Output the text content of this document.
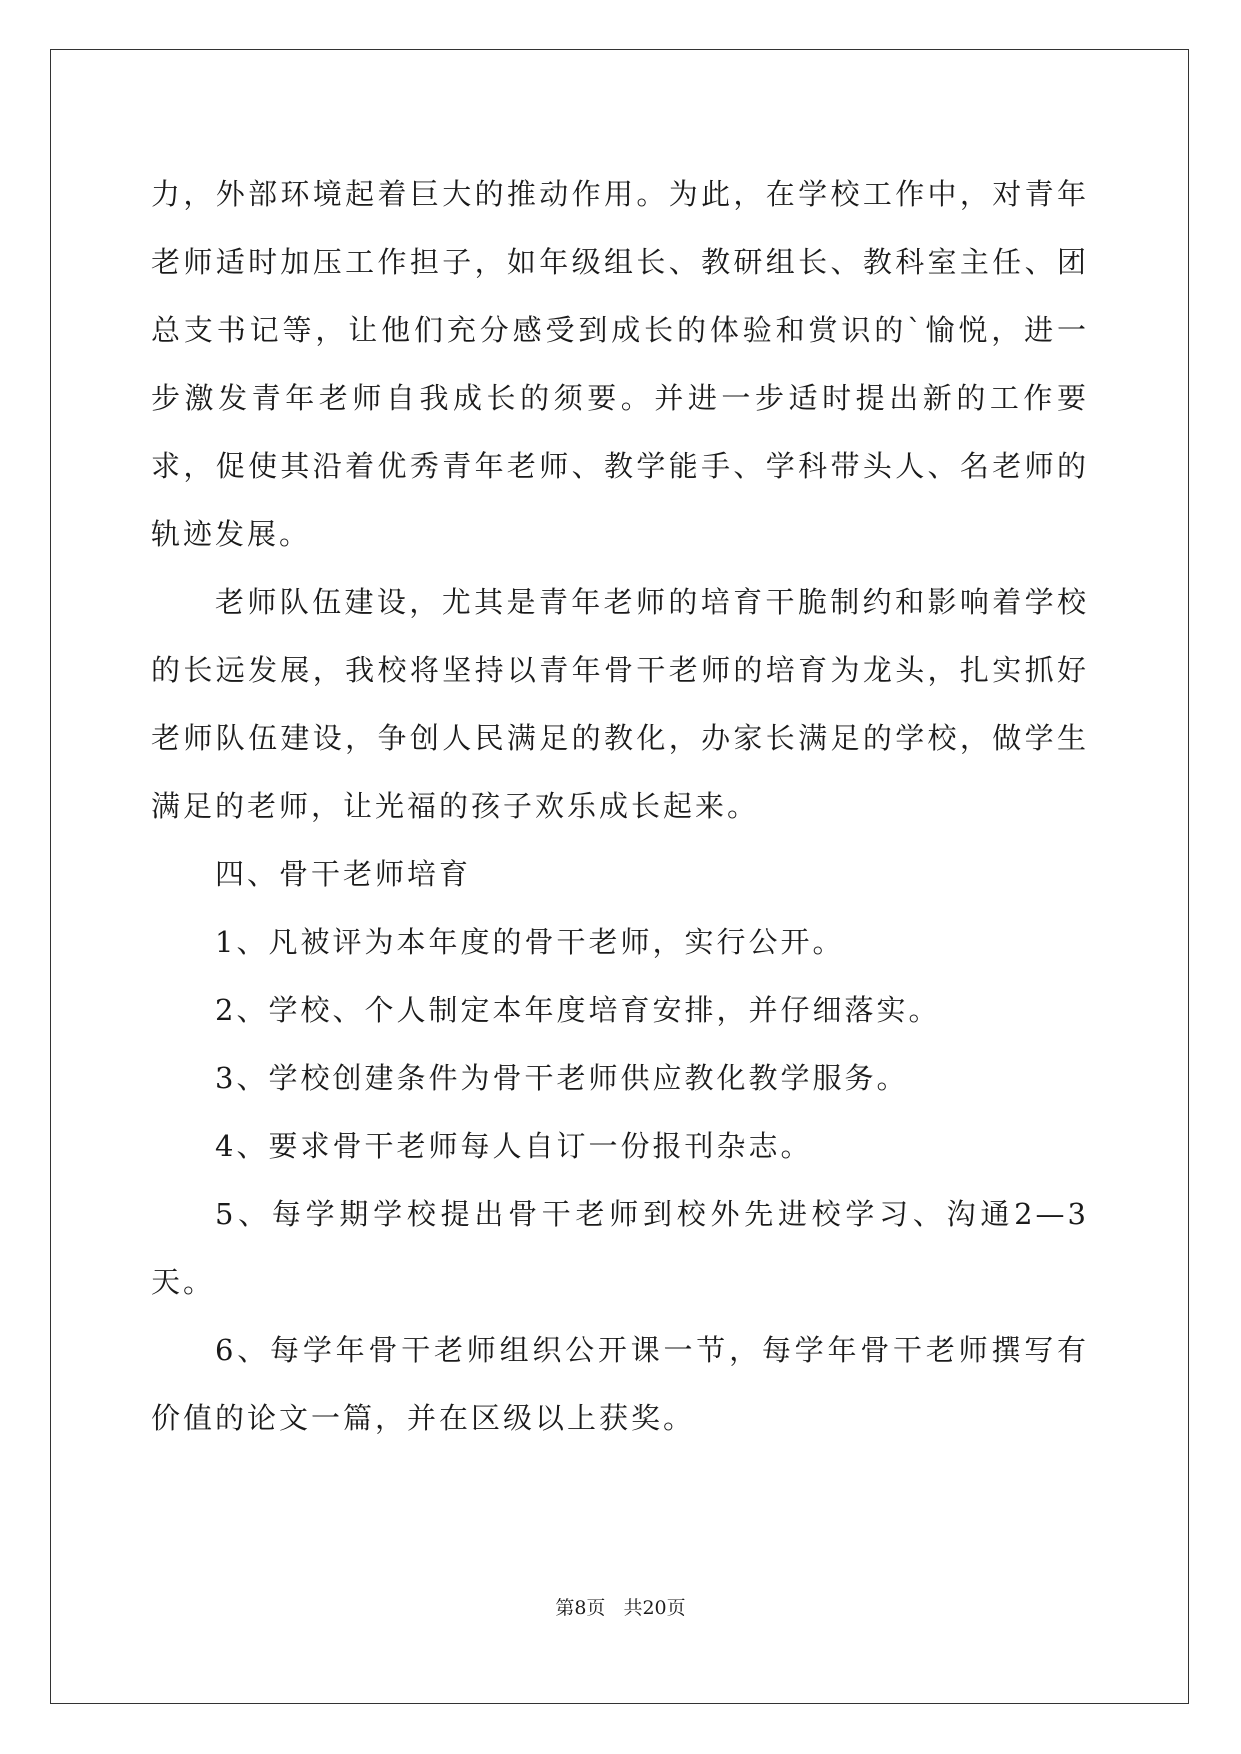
力，外部环境起着巨大的推动作用。为此，在学校工作中，对青年老师适时加压工作担子，如年级组长、教研组长、教科室主任、团总支书记等，让他们充分感受到成长的体验和赏识的`愉悦，进一步激发青年老师自我成长的须要。并进一步适时提出新的工作要求，促使其沿着优秀青年老师、教学能手、学科带头人、名老师的轨迹发展。

老师队伍建设，尤其是青年老师的培育干脆制约和影响着学校的长远发展，我校将坚持以青年骨干老师的培育为龙头，扎实抓好老师队伍建设，争创人民满足的教化，办家长满足的学校，做学生满足的老师，让光福的孩子欢乐成长起来。

四、骨干老师培育

1、凡被评为本年度的骨干老师，实行公开。

2、学校、个人制定本年度培育安排，并仔细落实。

3、学校创建条件为骨干老师供应教化教学服务。

4、要求骨干老师每人自订一份报刊杂志。

5、每学期学校提出骨干老师到校外先进校学习、沟通2—3天。

6、每学年骨干老师组织公开课一节，每学年骨干老师撰写有价值的论文一篇，并在区级以上获奖。

第8页 共20页
